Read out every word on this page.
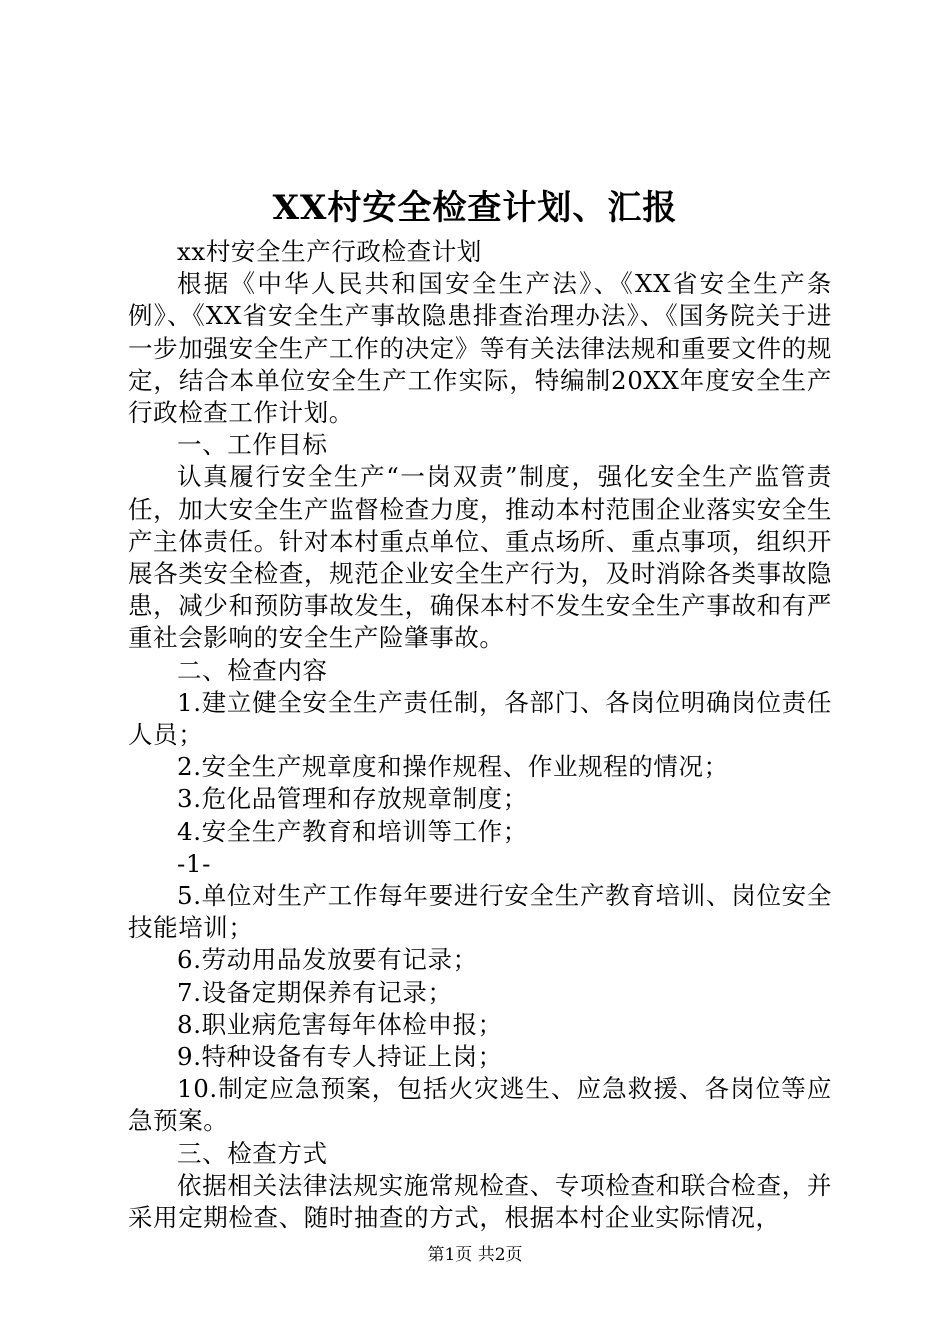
XX村安全检查计划、汇报

xx村安全生产行政检查计划

根据《中华人民共和国安全生产法》、《XX省安全生产条例》、《XX省安全生产事故隐患排查治理办法》、《国务院关于进一步加强安全生产工作的决定》等有关法律法规和重要文件的规定，结合本单位安全生产工作实际，特编制20XX年度安全生产行政检查工作计划。

一、工作目标

认真履行安全生产“一岗双责”制度，强化安全生产监管责任，加大安全生产监督检查力度，推动本村范围企业落实安全生产主体责任。针对本村重点单位、重点场所、重点事项，组织开展各类安全检查，规范企业安全生产行为，及时消除各类事故隐患，减少和预防事故发生，确保本村不发生安全生产事故和有严重社会影响的安全生产险肇事故。

二、检查内容

1.建立健全安全生产责任制，各部门、各岗位明确岗位责任人员；

2.安全生产规章度和操作规程、作业规程的情况；

3.危化品管理和存放规章制度；

4.安全生产教育和培训等工作；

-1-

5.单位对生产工作每年要进行安全生产教育培训、岗位安全技能培训；

6.劳动用品发放要有记录；

7.设备定期保养有记录；

8.职业病危害每年体检申报；

9.特种设备有专人持证上岗；

10.制定应急预案，包括火灾逃生、应急救援、各岗位等应急预案。

三、检查方式

依据相关法律法规实施常规检查、专项检查和联合检查，并采用定期检查、随时抽查的方式，根据本村企业实际情况，

第1页 共2页
